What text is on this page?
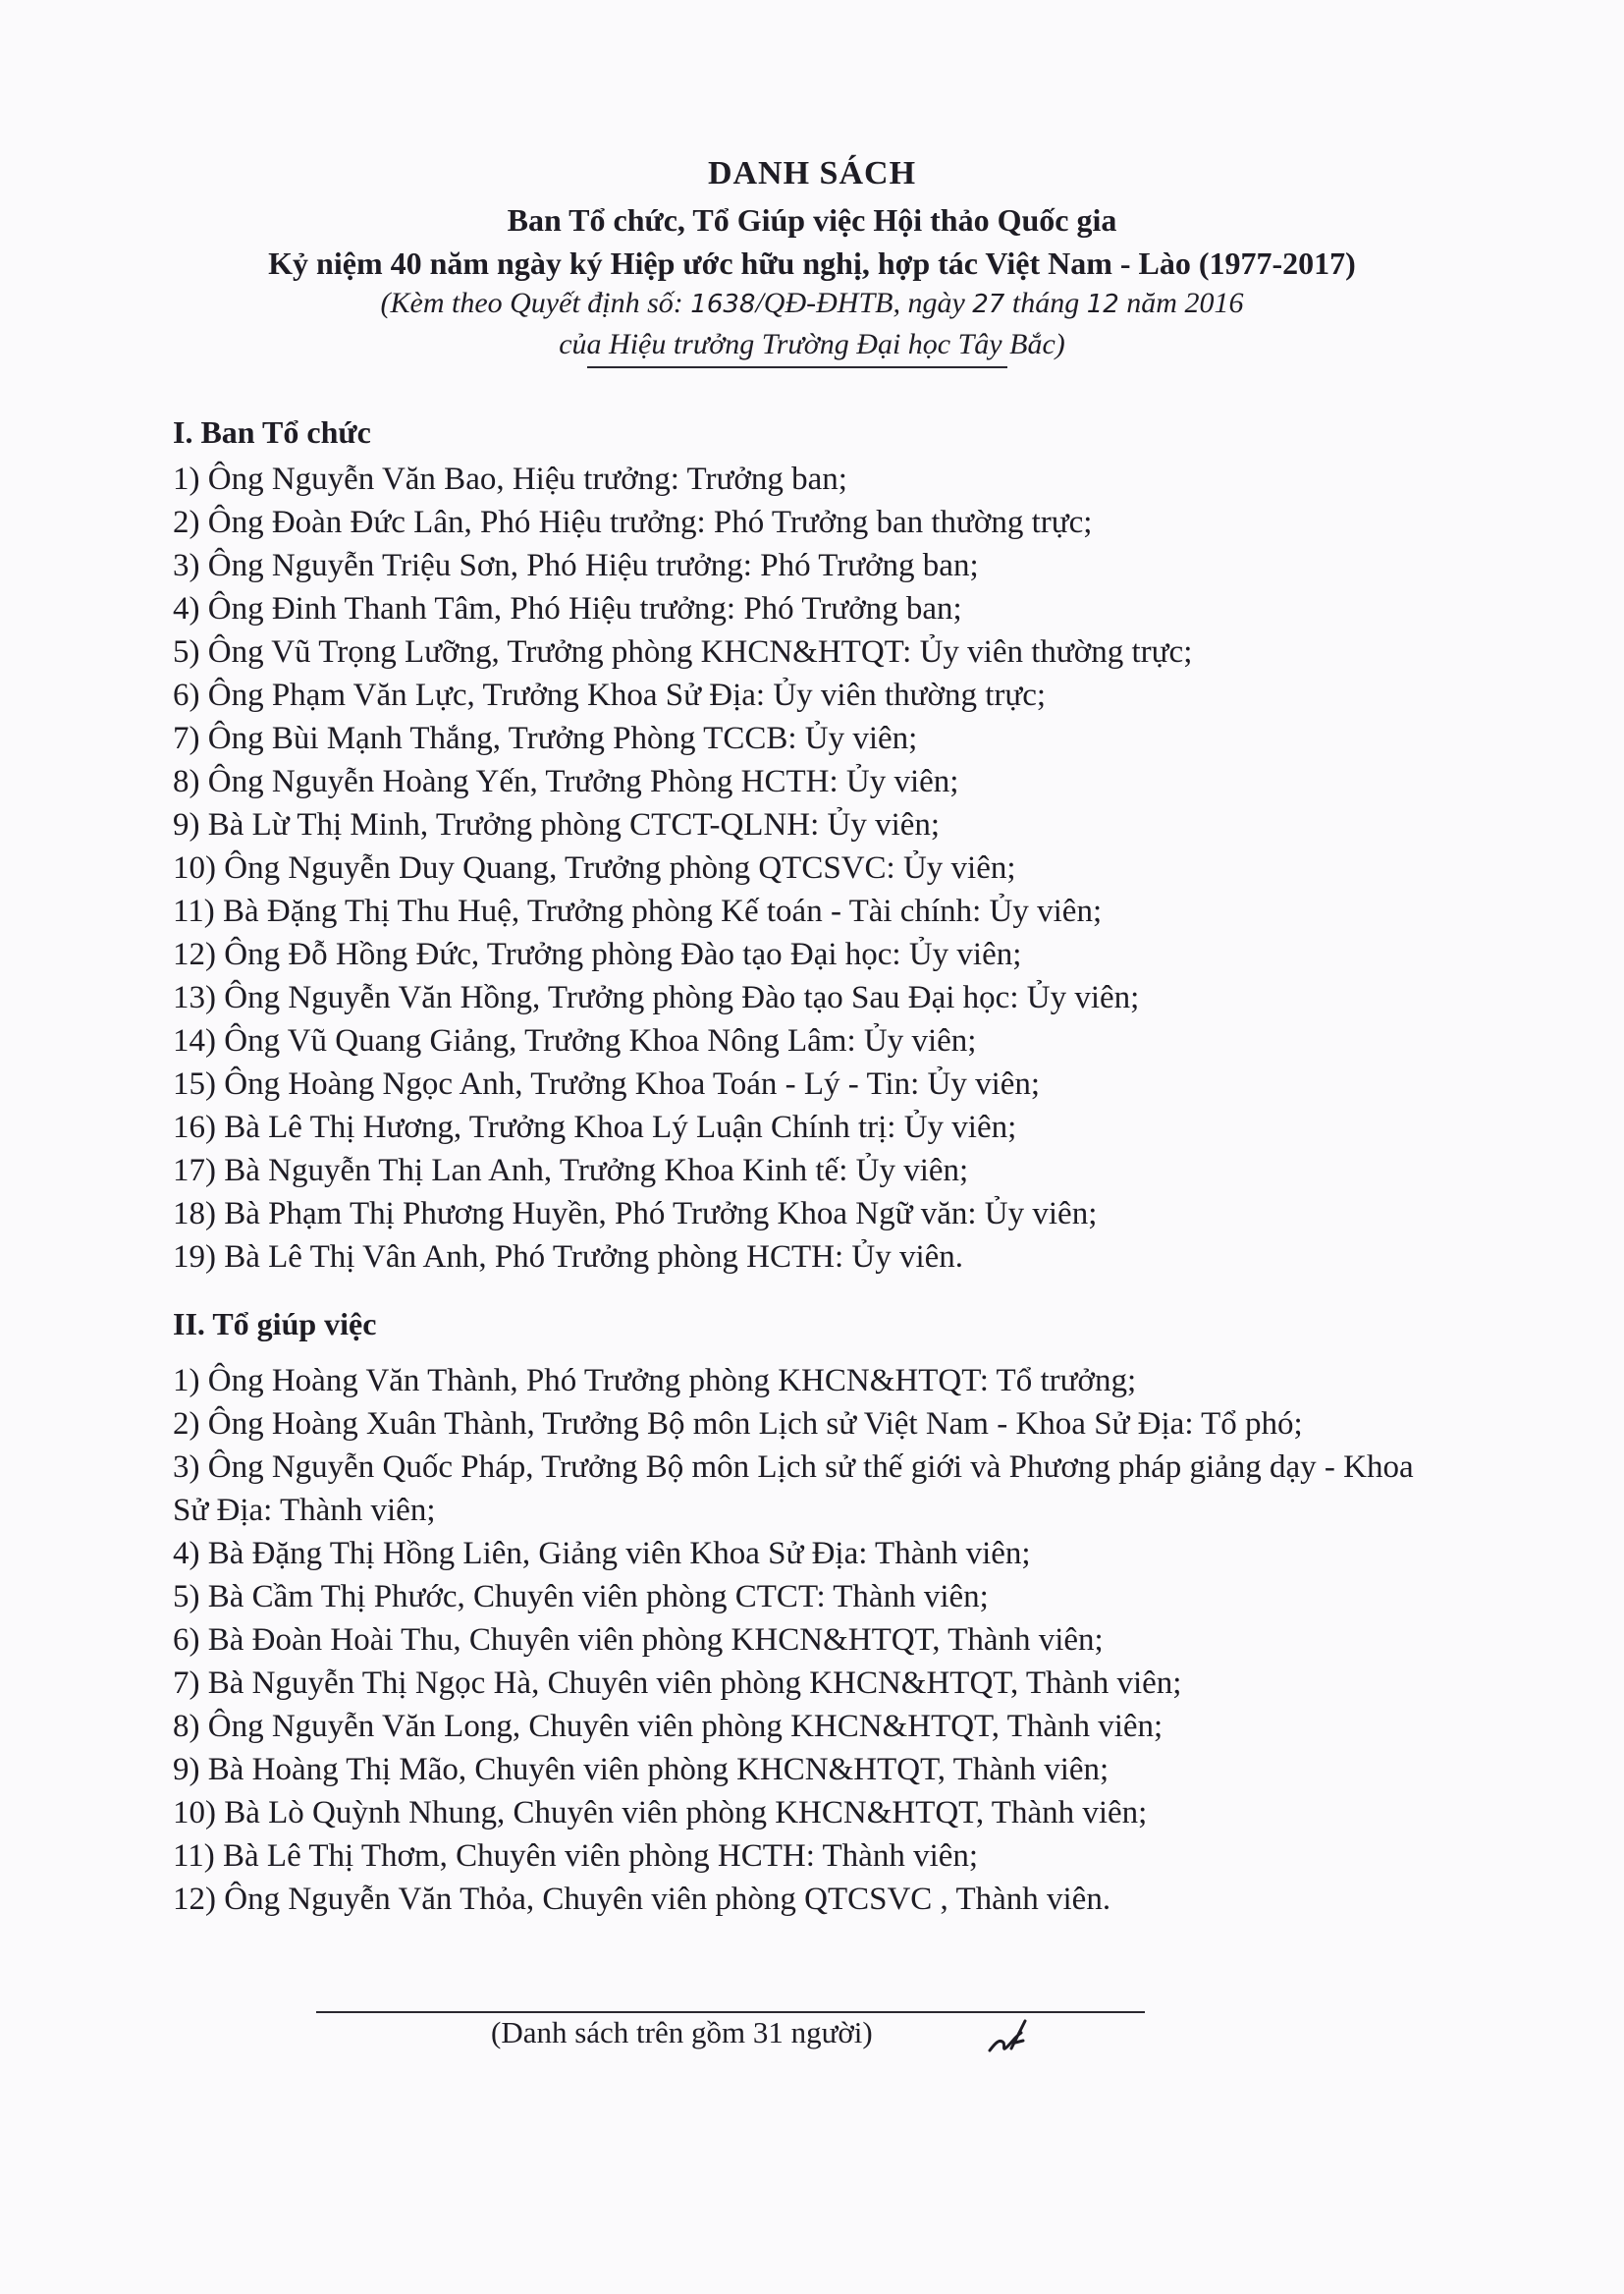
DANH SÁCH
Ban Tổ chức, Tổ Giúp việc Hội thảo Quốc gia
Kỷ niệm 40 năm ngày ký Hiệp ước hữu nghị, hợp tác Việt Nam - Lào (1977-2017)
(Kèm theo Quyết định số: 1638/QĐ-ĐHTB, ngày 27 tháng 12 năm 2016
của Hiệu trưởng Trường Đại học Tây Bắc)
I. Ban Tổ chức
1) Ông Nguyễn Văn Bao, Hiệu trưởng: Trưởng ban;
2) Ông Đoàn Đức Lân, Phó Hiệu trưởng: Phó Trưởng ban thường trực;
3) Ông Nguyễn Triệu Sơn, Phó Hiệu trưởng: Phó Trưởng ban;
4) Ông Đinh Thanh Tâm, Phó Hiệu trưởng: Phó Trưởng ban;
5) Ông Vũ Trọng Lưỡng, Trưởng phòng KHCN&HTQT: Ủy viên thường trực;
6) Ông Phạm Văn Lực, Trưởng Khoa Sử Địa: Ủy viên thường trực;
7) Ông Bùi Mạnh Thắng, Trưởng Phòng TCCB: Ủy viên;
8) Ông Nguyễn Hoàng Yến, Trưởng Phòng HCTH: Ủy viên;
9) Bà Lừ Thị Minh, Trưởng phòng CTCT-QLNH: Ủy viên;
10) Ông Nguyễn Duy Quang, Trưởng phòng QTCSVC: Ủy viên;
11) Bà Đặng Thị Thu Huệ, Trưởng phòng Kế toán - Tài chính: Ủy viên;
12) Ông Đỗ Hồng Đức, Trưởng phòng Đào tạo Đại học: Ủy viên;
13) Ông Nguyễn Văn Hồng, Trưởng phòng Đào tạo Sau Đại học: Ủy viên;
14) Ông Vũ Quang Giảng, Trưởng Khoa Nông Lâm: Ủy viên;
15) Ông Hoàng Ngọc Anh, Trưởng Khoa Toán - Lý - Tin: Ủy viên;
16) Bà Lê Thị Hương, Trưởng Khoa Lý Luận Chính trị: Ủy viên;
17) Bà Nguyễn Thị Lan Anh, Trưởng Khoa Kinh tế: Ủy viên;
18) Bà Phạm Thị Phương Huyền, Phó Trưởng Khoa Ngữ văn: Ủy viên;
19) Bà Lê Thị Vân Anh, Phó Trưởng phòng HCTH: Ủy viên.
II. Tổ giúp việc
1) Ông Hoàng Văn Thành, Phó Trưởng phòng KHCN&HTQT: Tổ trưởng;
2) Ông Hoàng Xuân Thành, Trưởng Bộ môn Lịch sử Việt Nam - Khoa Sử Địa: Tổ phó;
3) Ông Nguyễn Quốc Pháp, Trưởng Bộ môn Lịch sử thế giới và Phương pháp giảng dạy - Khoa Sử Địa: Thành viên;
4) Bà Đặng Thị Hồng Liên, Giảng viên Khoa Sử Địa: Thành viên;
5) Bà Cầm Thị Phước, Chuyên viên phòng CTCT: Thành viên;
6) Bà Đoàn Hoài Thu, Chuyên viên phòng KHCN&HTQT, Thành viên;
7) Bà Nguyễn Thị Ngọc Hà, Chuyên viên phòng KHCN&HTQT, Thành viên;
8) Ông Nguyễn Văn Long, Chuyên viên phòng KHCN&HTQT, Thành viên;
9) Bà Hoàng Thị Mão, Chuyên viên phòng KHCN&HTQT, Thành viên;
10) Bà Lò Quỳnh Nhung, Chuyên viên phòng KHCN&HTQT, Thành viên;
11) Bà Lê Thị Thơm, Chuyên viên phòng HCTH: Thành viên;
12) Ông Nguyễn Văn Thỏa, Chuyên viên phòng QTCSVC , Thành viên.
(Danh sách trên gồm 31 người)
